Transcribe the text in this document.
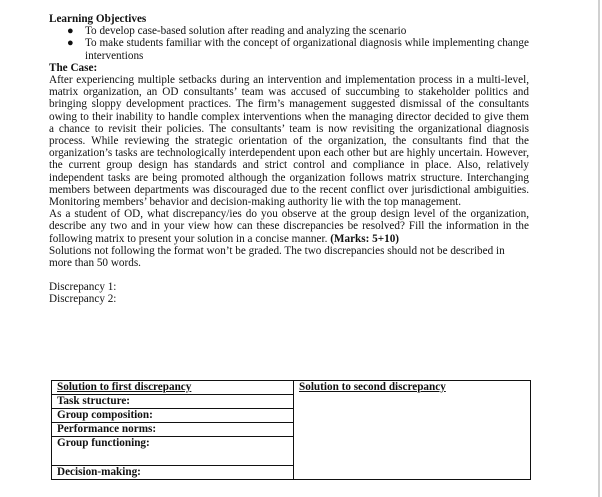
Learning Objectives

● To develop case-based solution after reading and analyzing the scenario
● To make students familiar with the concept of organizational diagnosis while implementing change interventions

The Case:

After experiencing multiple setbacks during an intervention and implementation process in a multi-level, matrix organization, an OD consultants’ team was accused of succumbing to stakeholder politics and bringing sloppy development practices. The firm’s management suggested dismissal of the consultants owing to their inability to handle complex interventions when the managing director decided to give them a chance to revisit their policies. The consultants’ team is now revisiting the organizational diagnosis process. While reviewing the strategic orientation of the organization, the consultants find that the organization’s tasks are technologically interdependent upon each other but are highly uncertain. However, the current group design has standards and strict control and compliance in place. Also, relatively independent tasks are being promoted although the organization follows matrix structure. Interchanging members between departments was discouraged due to the recent conflict over jurisdictional ambiguities. Monitoring members’ behavior and decision-making authority lie with the top management.

As a student of OD, what discrepancy/ies do you observe at the group design level of the organization, describe any two and in your view how can these discrepancies be resolved? Fill the information in the following matrix to present your solution in a concise manner. (Marks: 5+10)

Solutions not following the format won’t be graded. The two discrepancies should not be described in more than 50 words.

Discrepancy 1:
Discrepancy 2:
Solution to first discrepancy	Solution to second discrepancy
Task structure:
Group composition:
Performance norms:
Group functioning:
Decision-making:
